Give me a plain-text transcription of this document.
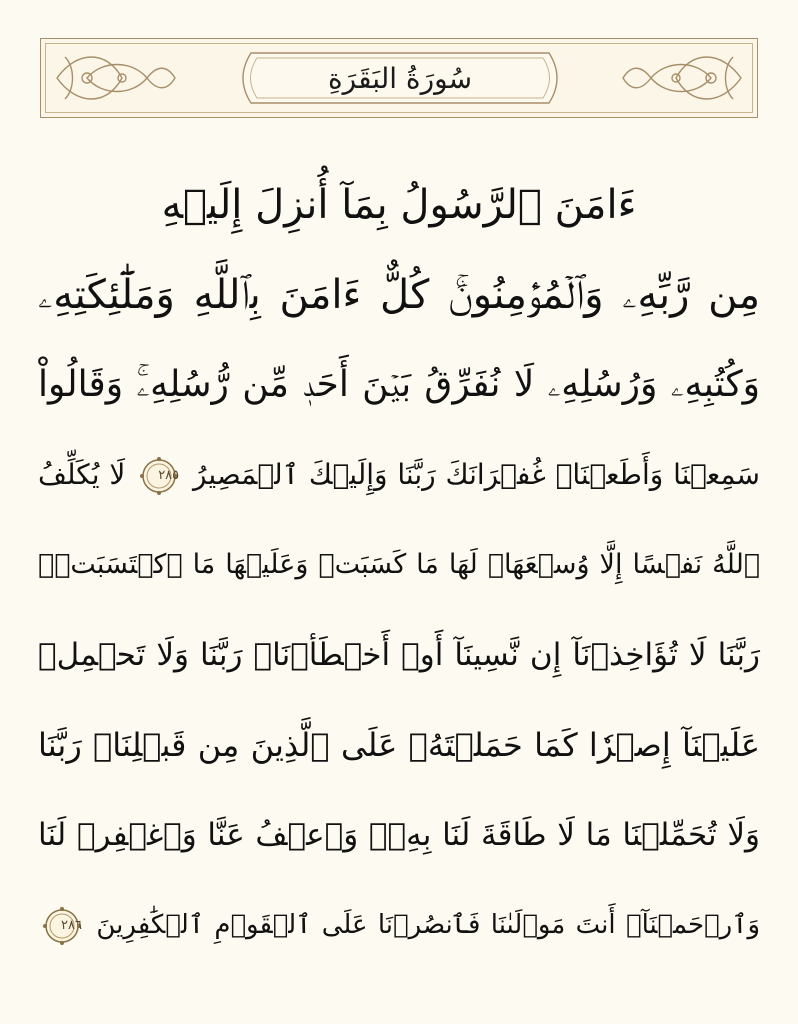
سُورَةُ البَقَرَةِ
ءَامَنَ ٱلرَّسُولُ بِمَآ أُنزِلَ إِلَيۡهِ
مِن رَّبِّهِۦ وَٱلۡمُؤۡمِنُونَۚ كُلٌّ ءَامَنَ بِٱللَّهِ وَمَلَٰٓئِكَتِهِۦ
وَكُتُبِهِۦ وَرُسُلِهِۦ لَا نُفَرِّقُ بَيۡنَ أَحَدٖ مِّن رُّسُلِهِۦۚ وَقَالُواْ
سَمِعۡنَا وَأَطَعۡنَاۖ غُفۡرَانَكَ رَبَّنَا وَإِلَيۡكَ ٱلۡمَصِيرُ
٢٨٥
لَا يُكَلِّفُ
ٱللَّهُ نَفۡسًا إِلَّا وُسۡعَهَاۚ لَهَا مَا كَسَبَتۡ وَعَلَيۡهَا مَا ٱكۡتَسَبَتۡۗ
رَبَّنَا لَا تُؤَاخِذۡنَآ إِن نَّسِينَآ أَوۡ أَخۡطَأۡنَاۚ رَبَّنَا وَلَا تَحۡمِلۡ
عَلَيۡنَآ إِصۡرٗا كَمَا حَمَلۡتَهُۥ عَلَى ٱلَّذِينَ مِن قَبۡلِنَاۚ رَبَّنَا
وَلَا تُحَمِّلۡنَا مَا لَا طَاقَةَ لَنَا بِهِۦۖ وَٱعۡفُ عَنَّا وَٱغۡفِرۡ لَنَا
وَٱرۡحَمۡنَآۚ أَنتَ مَوۡلَىٰنَا فَٱنصُرۡنَا عَلَى ٱلۡقَوۡمِ ٱلۡكَٰفِرِينَ
٢٨٦
